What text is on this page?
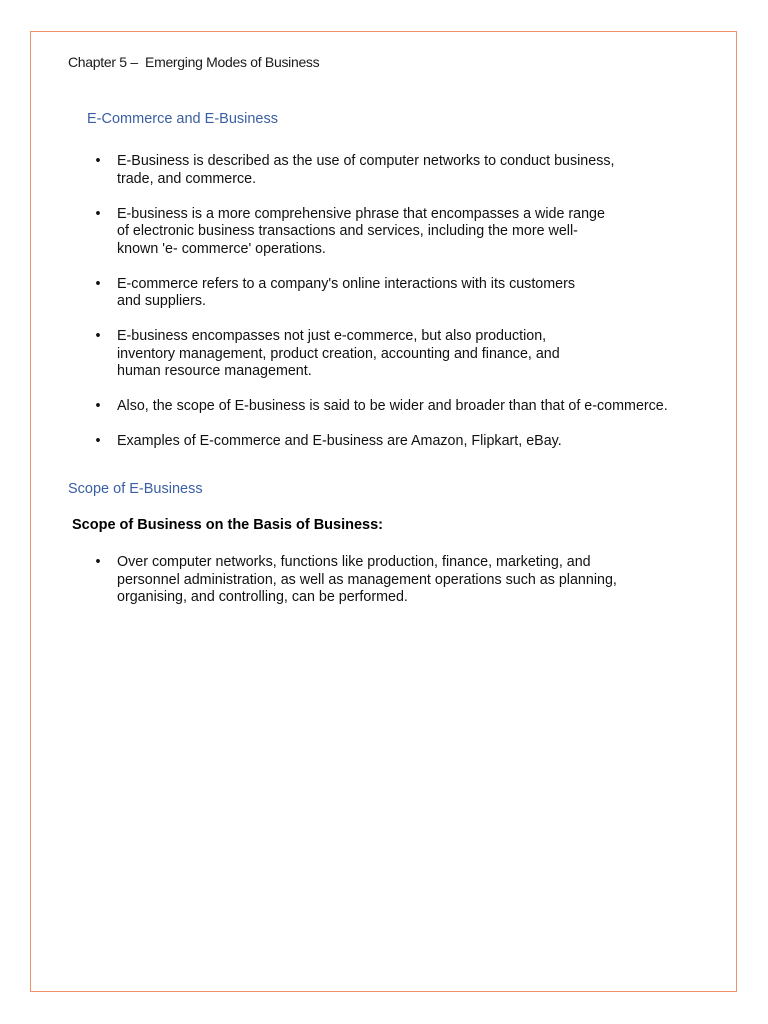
Chapter 5 –  Emerging Modes of Business
E-Commerce and E-Business
• E-Business is described as the use of computer networks to conduct business,
trade, and commerce.
• E-business is a more comprehensive phrase that encompasses a wide range
of electronic business transactions and services, including the more well-
known 'e- commerce' operations.
• E-commerce refers to a company's online interactions with its customers
and suppliers.
• E-business encompasses not just e-commerce, but also production,
inventory management, product creation, accounting and finance, and
human resource management.
• Also, the scope of E-business is said to be wider and broader than that of e-commerce.
• Examples of E-commerce and E-business are Amazon, Flipkart, eBay.
Scope of E-Business
Scope of Business on the Basis of Business:
• Over computer networks, functions like production, finance, marketing, and
personnel administration, as well as management operations such as planning,
organising, and controlling, can be performed.
